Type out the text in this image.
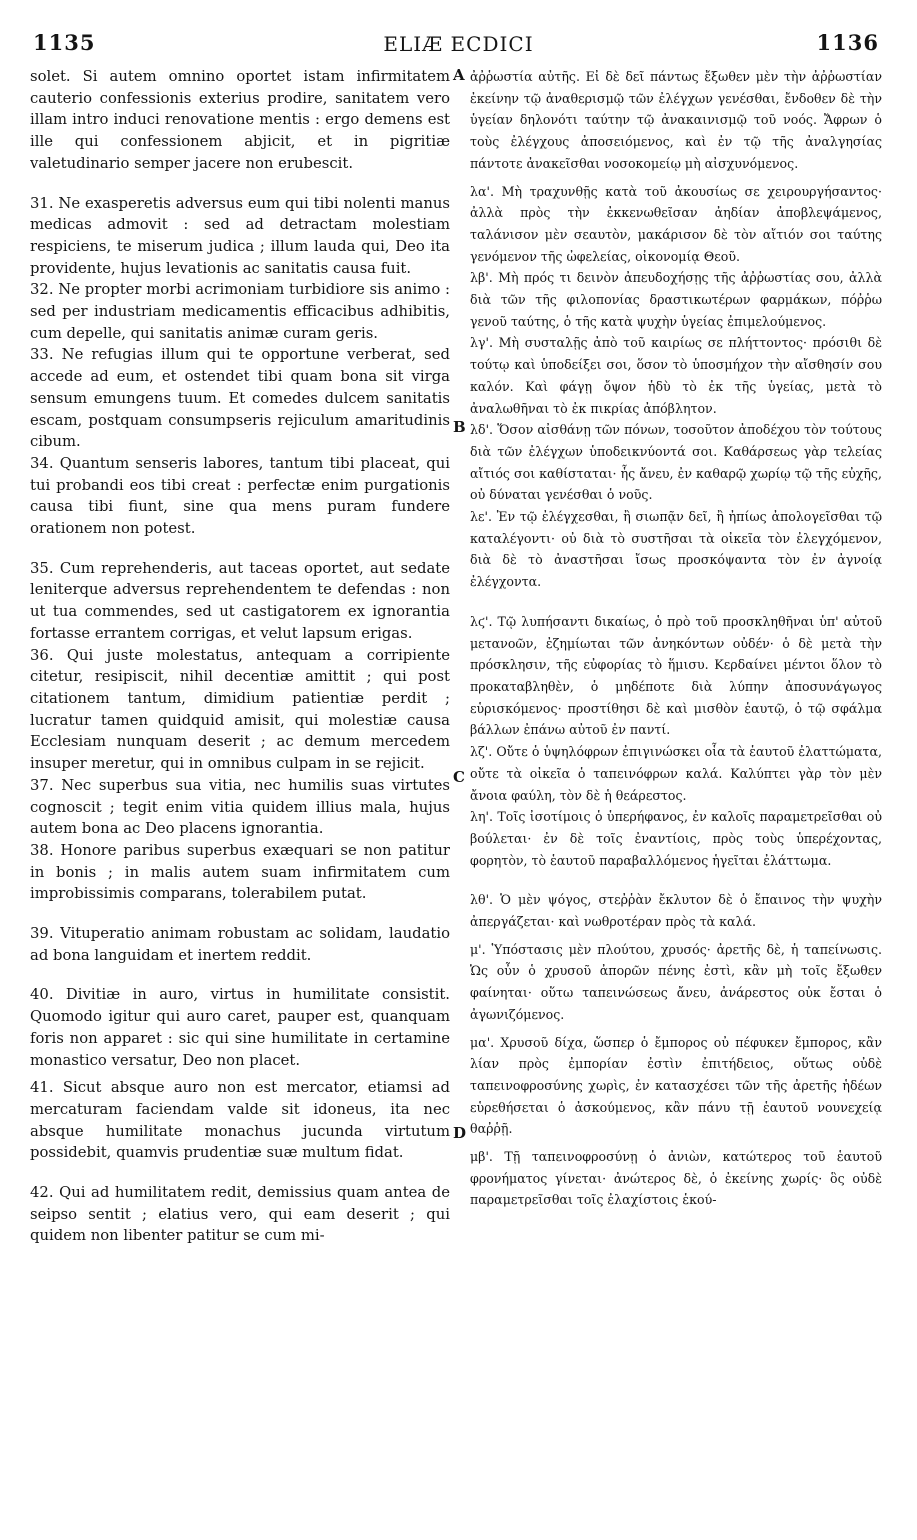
1135	ELIÆ ECDICI	1136

solet. Si autem omnino oportet istam infirmitatem cauterio confessionis exterius prodire, sanitatem vero illam intro induci renovatione mentis : ergo demens est ille qui confessionem abjicit, et in pigritiæ valetudinario semper jacere non erubescit.

31. Ne exasperetis adversus eum qui tibi nolenti manus medicas admovit : sed ad detractam molestiam respiciens, te miserum judica ; illum lauda qui, Deo ita providente, hujus levationis ac sanitatis causa fuit.

32. Ne propter morbi acrimoniam turbidiore sis animo : sed per industriam medicamentis efficacibus adhibitis, cum depelle, qui sanitatis animæ curam geris.

33. Ne refugias illum qui te opportune verberat, sed accede ad eum, et ostendet tibi quam bona sit virga sensum emungens tuum. Et comedes dulcem sanitatis escam, postquam consumpseris rejiculum amaritudinis cibum.

34. Quantum senseris labores, tantum tibi placeat, qui tui probandi eos tibi creat : perfectæ enim purgationis causa tibi fiunt, sine qua mens puram fundere orationem non potest.

35. Cum reprehenderis, aut taceas oportet, aut sedate leniterque adversus reprehendentem te defendas : non ut tua commendes, sed ut castigatorem ex ignorantia fortasse errantem corrigas, et velut lapsum erigas.

36. Qui juste molestatus, antequam a corripiente citetur, resipiscit, nihil decentiæ amittit ; qui post citationem tantum, dimidium patientiæ perdit ; lucratur tamen quidquid amisit, qui molestiæ causa Ecclesiam nunquam deserit ; ac demum mercedem insuper meretur, qui in omnibus culpam in se rejicit.

37. Nec superbus sua vitia, nec humilis suas virtutes cognoscit ; tegit enim vitia quidem illius mala, hujus autem bona ac Deo placens ignorantia.

38. Honore paribus superbus exæquari se non patitur in bonis ; in malis autem suam infirmitatem cum improbissimis comparans, tolerabilem putat.

39. Vituperatio animam robustam ac solidam, laudatio ad bona languidam et inertem reddit.

40. Divitiæ in auro, virtus in humilitate consistit. Quomodo igitur qui auro caret, pauper est, quanquam foris non apparet : sic qui sine humilitate in certamine monastico versatur, Deo non placet.

41. Sicut absque auro non est mercator, etiamsi ad mercaturam faciendam valde sit idoneus, ita nec absque humilitate monachus jucunda virtutum possidebit, quamvis prudentiæ suæ multum fidat.

42. Qui ad humilitatem redit, demissius quam antea de seipso sentit ; elatius vero, qui eam deserit ; qui quidem non libenter patitur se cum mi-

A
B
C
D

ἀῤῥωστία αὐτῆς. Εἰ δὲ δεῖ πάντως ἔξωθεν μὲν τὴν ἀῤῥωστίαν ἐκείνην τῷ ἀναθερισμῷ τῶν ἐλέγχων γενέσθαι, ἔνδοθεν δὲ τὴν ὑγείαν δηλονότι ταύτην τῷ ἀνακαινισμῷ τοῦ νοός. Ἄφρων ὁ τοὺς ἐλέγχους ἀποσειόμενος, καὶ ἐν τῷ τῆς ἀναλγησίας πάντοτε ἀνακεῖσθαι νοσοκομείῳ μὴ αἰσχυνόμενος.

λα'. Μὴ τραχυνθῇς κατὰ τοῦ ἀκουσίως σε χειρουργήσαντος· ἀλλὰ πρὸς τὴν ἐκκενωθεῖσαν ἀηδίαν ἀποβλεψάμενος, ταλάνισον μὲν σεαυτὸν, μακάρισον δὲ τὸν αἴτιόν σοι ταύτης γενόμενον τῆς ὠφελείας, οἰκονομίᾳ Θεοῦ.

λβ'. Μὴ πρός τι δεινὸν ἀπευδοχήσῃς τῆς ἀῤῥωστίας σου, ἀλλὰ διὰ τῶν τῆς φιλοπονίας δραστικωτέρων φαρμάκων, πόῤῥω γενοῦ ταύτης, ὁ τῆς κατὰ ψυχὴν ὑγείας ἐπιμελούμενος.

λγ'. Μὴ συσταλῇς ἀπὸ τοῦ καιρίως σε πλήττοντος· πρόσιθι δὲ τούτῳ καὶ ὑποδείξει σοι, ὅσον τὸ ὑποσμήχον τὴν αἴσθησίν σου καλόν. Καὶ φάγῃ ὄψον ἡδὺ τὸ ἐκ τῆς ὑγείας, μετὰ τὸ ἀναλωθῆναι τὸ ἐκ πικρίας ἀπόβλητον.

λδ'. Ὅσον αἰσθάνῃ τῶν πόνων, τοσοῦτον ἀποδέχου τὸν τούτους διὰ τῶν ἐλέγχων ὑποδεικνύοντά σοι. Καθάρσεως γὰρ τελείας αἴτιός σοι καθίσταται· ἧς ἄνευ, ἐν καθαρῷ χωρίῳ τῷ τῆς εὐχῆς, οὐ δύναται γενέσθαι ὁ νοῦς.

λε'. Ἐν τῷ ἐλέγχεσθαι, ἢ σιωπᾷν δεῖ, ἢ ἠπίως ἀπολογεῖσθαι τῷ καταλέγοντι· οὐ διὰ τὸ συστῆσαι τὰ οἰκεῖα τὸν ἐλεγχόμενον, διὰ δὲ τὸ ἀναστῆσαι ἴσως προσκόψαντα τὸν ἐν ἀγνοίᾳ ἐλέγχοντα.

λϛ'. Τῷ λυπήσαντι δικαίως, ὁ πρὸ τοῦ προσκληθῆναι ὑπ' αὐτοῦ μετανοῶν, ἐζημίωται τῶν ἀνηκόντων οὐδέν· ὁ δὲ μετὰ τὴν πρόσκλησιν, τῆς εὐφορίας τὸ ἥμισυ. Κερδαίνει μέντοι ὅλον τὸ προκαταβληθὲν, ὁ μηδέποτε διὰ λύπην ἀποσυνάγωγος εὑρισκόμενος· προστίθησι δὲ καὶ μισθὸν ἑαυτῷ, ὁ τῷ σφάλμα βάλλων ἐπάνω αὐτοῦ ἐν παντί.

λζ'. Οὔτε ὁ ὑψηλόφρων ἐπιγινώσκει οἷα τὰ ἑαυτοῦ ἐλαττώματα, οὔτε τὰ οἰκεῖα ὁ ταπεινόφρων καλά. Καλύπτει γὰρ τὸν μὲν ἄνοια φαύλη, τὸν δὲ ἡ θεάρεστος.

λη'. Τοῖς ἰσοτίμοις ὁ ὑπερήφανος, ἐν καλοῖς παραμετρεῖσθαι οὐ βούλεται· ἐν δὲ τοῖς ἐναντίοις, πρὸς τοὺς ὑπερέχοντας, φορητὸν, τὸ ἑαυτοῦ παραβαλλόμενος ἡγεῖται ἐλάττωμα.

λθ'. Ὁ μὲν ψόγος, στεῤῥὰν ἔκλυτον δὲ ὁ ἔπαινος τὴν ψυχὴν ἀπεργάζεται· καὶ νωθροτέραν πρὸς τὰ καλά.

μ'. Ὑπόστασις μὲν πλούτου, χρυσός· ἀρετῆς δὲ, ἡ ταπείνωσις. Ὡς οὖν ὁ χρυσοῦ ἀπορῶν πένης ἐστὶ, κἂν μὴ τοῖς ἔξωθεν φαίνηται· οὕτω ταπεινώσεως ἄνευ, ἀνάρεστος οὐκ ἔσται ὁ ἀγωνιζόμενος.

μα'. Χρυσοῦ δίχα, ὥσπερ ὁ ἔμπορος οὐ πέφυκεν ἔμπορος, κἂν λίαν πρὸς ἐμπορίαν ἐστὶν ἐπιτήδειος, οὕτως οὐδὲ ταπεινοφροσύνης χωρὶς, ἐν κατασχέσει τῶν τῆς ἀρετῆς ἡδέων εὑρεθήσεται ὁ ἀσκούμενος, κἂν πάνυ τῇ ἑαυτοῦ νουνεχείᾳ θαῤῥῇ.

μβ'. Τῇ ταπεινοφροσύνῃ ὁ ἀνιὼν, κατώτερος τοῦ ἑαυτοῦ φρονήματος γίνεται· ἀνώτερος δὲ, ὁ ἐκείνης χωρίς· ὃς οὐδὲ παραμετρεῖσθαι τοῖς ἐλαχίστοις ἑκού-
